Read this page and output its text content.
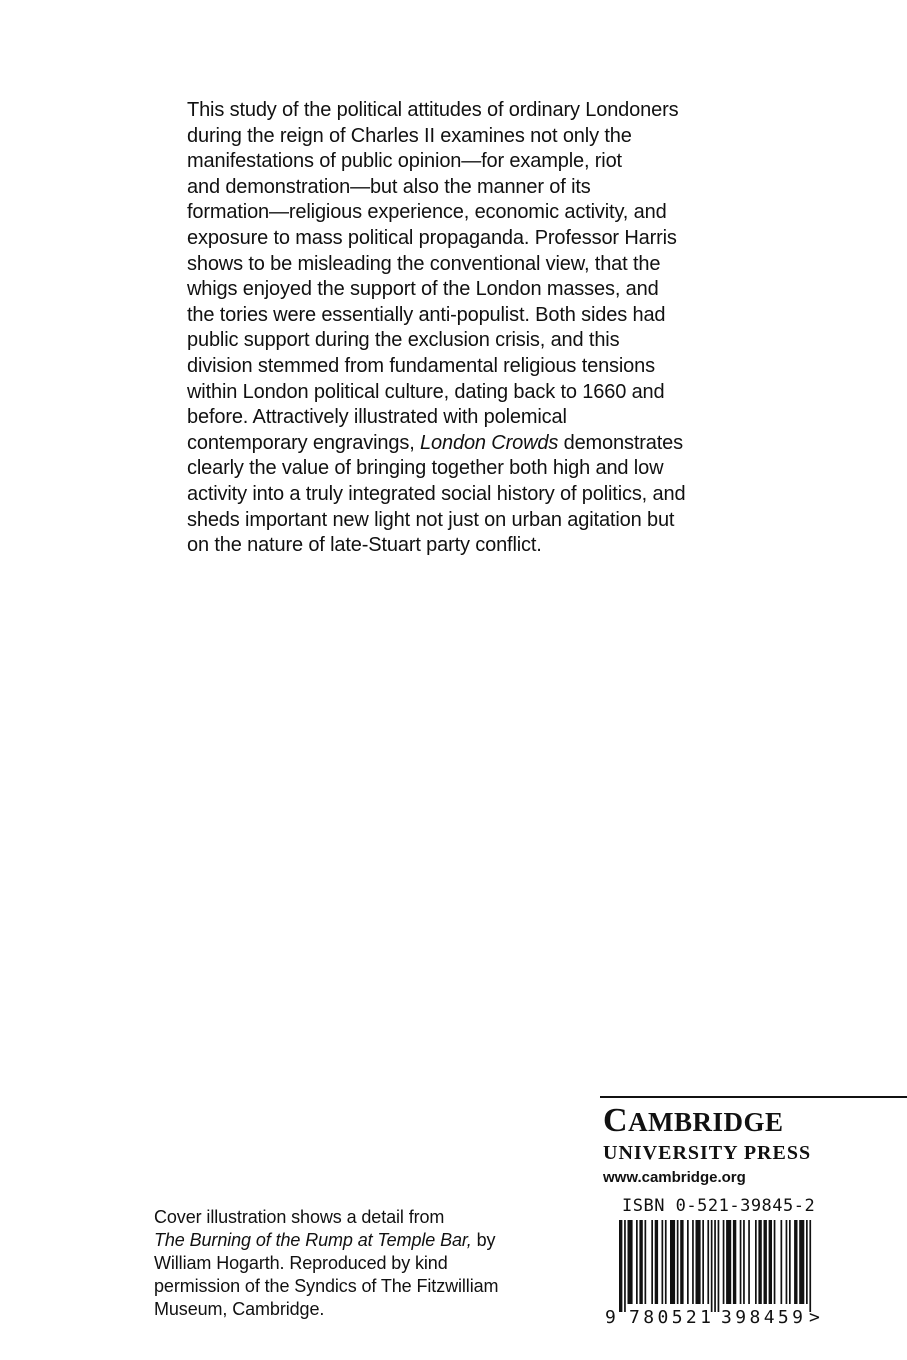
This study of the political attitudes of ordinary Londoners
during the reign of Charles II examines not only the
manifestations of public opinion—for example, riot
and demonstration—but also the manner of its
formation—religious experience, economic activity, and
exposure to mass political propaganda. Professor Harris
shows to be misleading the conventional view, that the
whigs enjoyed the support of the London masses, and
the tories were essentially anti-populist. Both sides had
public support during the exclusion crisis, and this
division stemmed from fundamental religious tensions
within London political culture, dating back to 1660 and
before. Attractively illustrated with polemical
contemporary engravings, London Crowds demonstrates
clearly the value of bringing together both high and low
activity into a truly integrated social history of politics, and
sheds important new light not just on urban agitation but
on the nature of late-Stuart party conflict.
CAMBRIDGE
UNIVERSITY PRESS
www.cambridge.org
ISBN 0-521-39845-2
9 780521 398459 >
Cover illustration shows a detail from
The Burning of the Rump at Temple Bar, by
William Hogarth. Reproduced by kind
permission of the Syndics of The Fitzwilliam
Museum, Cambridge.
